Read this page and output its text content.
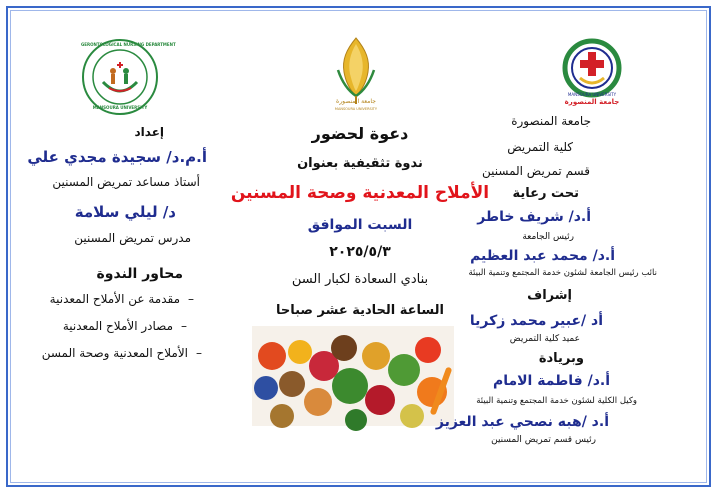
GERONTOLOGICAL NURSING DEPARTMENT
MANSOURA UNIVERSITY
جامعة المنصورة
MANSOURA UNIVERSITY
MANSOURA UNIVERSITY
جامعة المنصورة
إعداد
أ.م.د/ سجيدة مجدي علي
أستاذ مساعد تمريض المسنين
د/ ليلي سلامة
مدرس تمريض المسنين
محاور الندوة
–
مقدمة عن الأملاح المعدنية
–
مصادر الأملاح المعدنية
–
الأملاح المعدنية وصحة المسن
دعوة لحضور
ندوة تثقيفية بعنوان
الأملاح المعدنية وصحة المسنين
السبت الموافق
٢٠٢٥/٥/٣
بنادي السعادة لكبار السن
الساعة الحادية عشر صباحا
جامعة المنصورة
كلية التمريض
قسم تمريض المسنين
تحت رعاية
أ.د/ شريف خاطر
رئيس الجامعة
أ.د/ محمد عبد العظيم
نائب رئيس الجامعة لشئون خدمة المجتمع وتنمية البيئة
إشراف
أد /عبير محمد زكريا
عميد كلية التمريض
وبريادة
أ.د/ فاطمة الامام
وكيل الكلية لشئون خدمة المجتمع وتنمية البيئة
أ.د /هبه نصحي عبد العزيز
رئيس قسم تمريض المسنين
